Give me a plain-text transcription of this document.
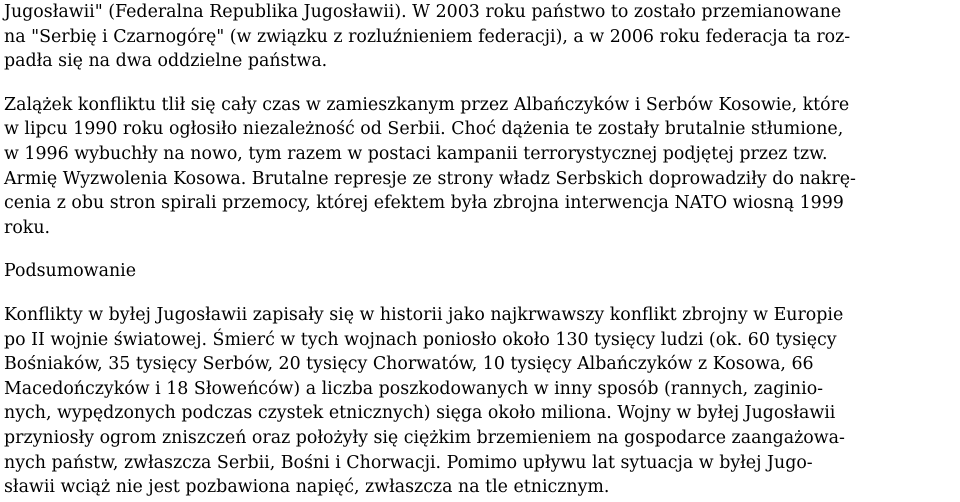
Jugosławii" (Federalna Republika Jugosławii). W 2003 roku państwo to zostało przemianowane
na "Serbię i Czarnogórę" (w związku z rozluźnieniem federacji), a w 2006 roku federacja ta roz-
padła się na dwa oddzielne państwa.
Zalążek konfliktu tlił się cały czas w zamieszkanym przez Albańczyków i Serbów Kosowie, które
w lipcu 1990 roku ogłosiło niezależność od Serbii. Choć dążenia te zostały brutalnie stłumione,
w 1996 wybuchły na nowo, tym razem w postaci kampanii terrorystycznej podjętej przez tzw.
Armię Wyzwolenia Kosowa. Brutalne represje ze strony władz Serbskich doprowadziły do nakrę-
cenia z obu stron spirali przemocy, której efektem była zbrojna interwencja NATO wiosną 1999
roku.
Podsumowanie
Konflikty w byłej Jugosławii zapisały się w historii jako najkrwawszy konflikt zbrojny w Europie
po II wojnie światowej. Śmierć w tych wojnach poniosło około 130 tysięcy ludzi (ok. 60 tysięcy
Bośniaków, 35 tysięcy Serbów, 20 tysięcy Chorwatów, 10 tysięcy Albańczyków z Kosowa, 66
Macedończyków i 18 Słoweńców) a liczba poszkodowanych w inny sposób (rannych, zaginio-
nych, wypędzonych podczas czystek etnicznych) sięga około miliona. Wojny w byłej Jugosławii
przyniosły ogrom zniszczeń oraz położyły się ciężkim brzemieniem na gospodarce zaangażowa-
nych państw, zwłaszcza Serbii, Bośni i Chorwacji. Pomimo upływu lat sytuacja w byłej Jugo-
sławii wciąż nie jest pozbawiona napięć, zwłaszcza na tle etnicznym.
